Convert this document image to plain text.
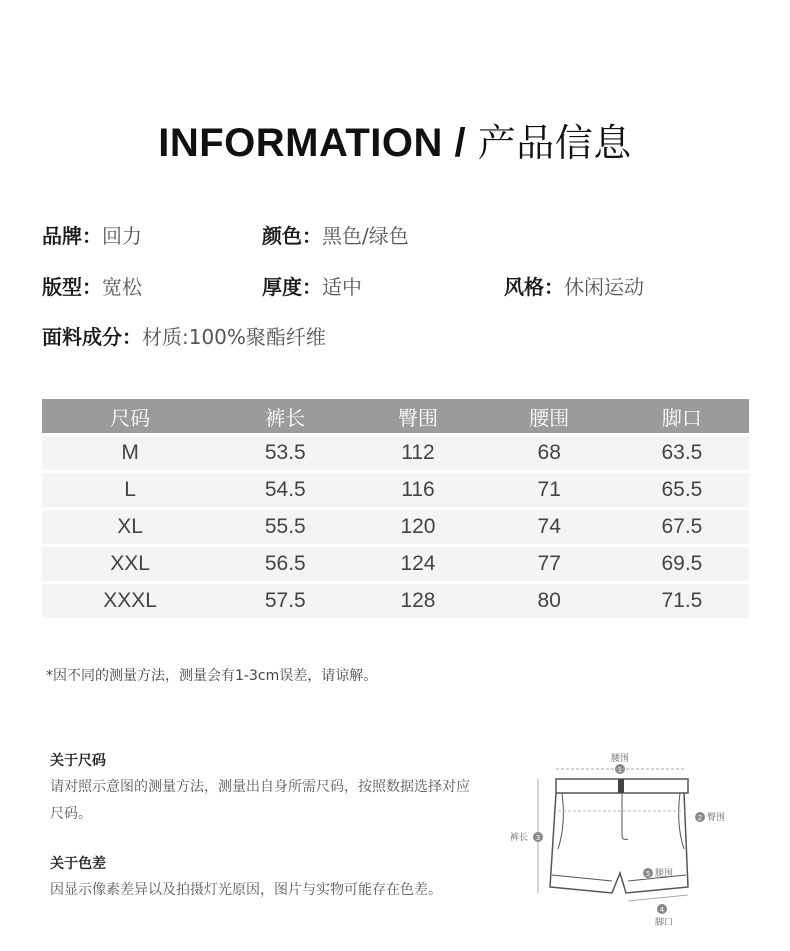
INFORMATION / 产品信息
品牌：回力	颜色：黑色/绿色
版型：宽松	厚度：适中	风格：休闲运动
面料成分：材质:100%聚酯纤维
尺码	裤长	臀围	腰围	脚口
M	53.5	112	68	63.5
L	54.5	116	71	65.5
XL	55.5	120	74	67.5
XXL	56.5	124	77	69.5
XXXL	57.5	128	80	71.5
*因不同的测量方法，测量会有1-3cm误差，请谅解。
关于尺码
请对照示意图的测量方法，测量出自身所需尺码，按照数据选择对应尺码。
关于色差
因显示像素差异以及拍摄灯光原因，图片与实物可能存在色差。
腰围
1
2 臀围
3
裤长
5 腿围
4
脚口
